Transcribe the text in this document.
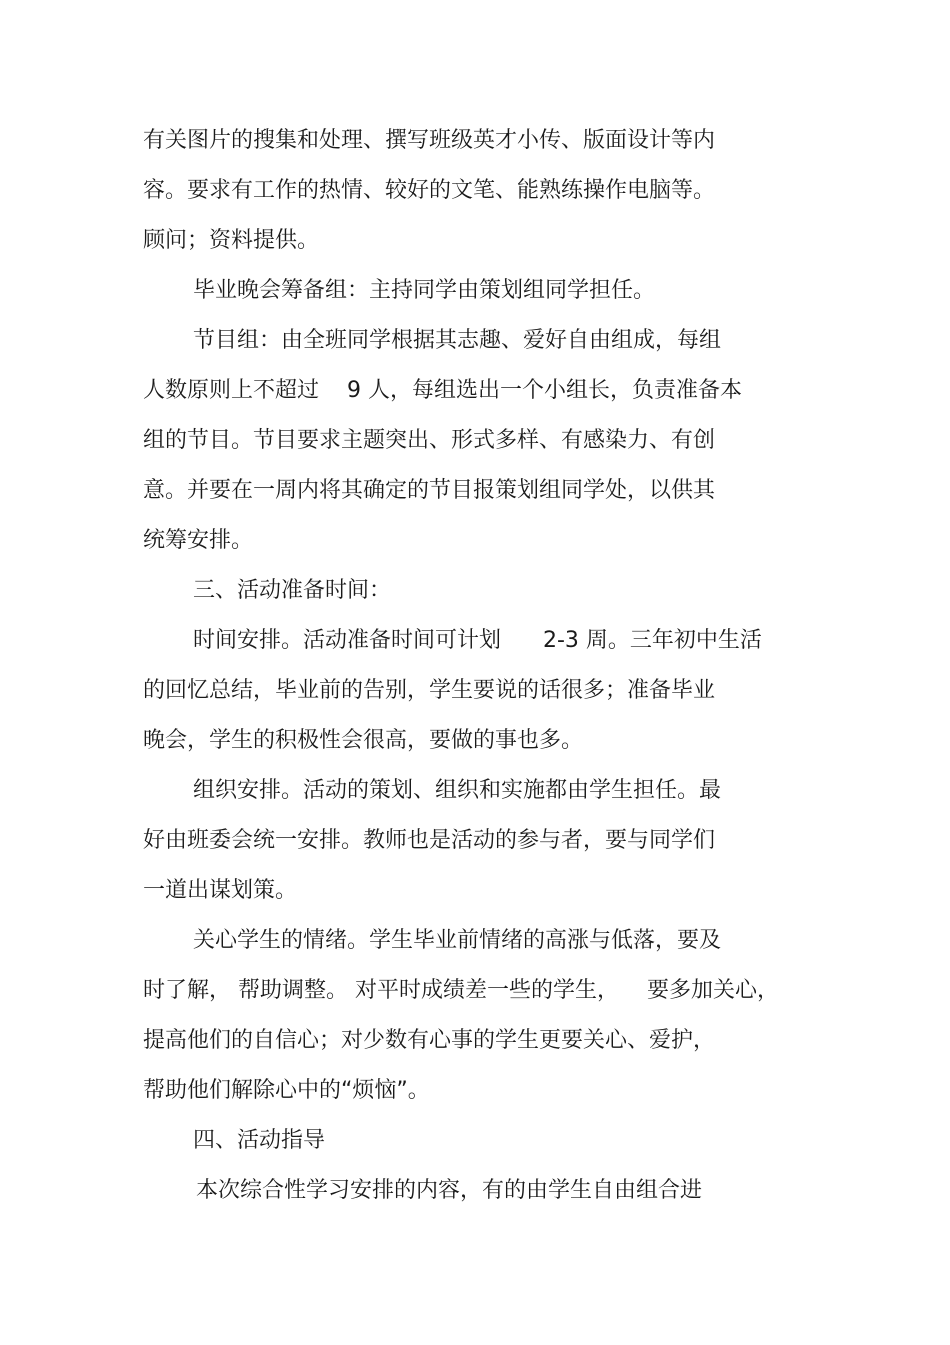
有关图片的搜集和处理、撰写班级英才小传、版面设计等内
容。要求有工作的热情、较好的文笔、能熟练操作电脑等。
顾问；资料提供。
毕业晚会筹备组：主持同学由策划组同学担任。
节目组：由全班同学根据其志趣、爱好自由组成，每组
人数原则上不超过    9 人，每组选出一个小组长，负责准备本
组的节目。节目要求主题突出、形式多样、有感染力、有创
意。并要在一周内将其确定的节目报策划组同学处，以供其
统筹安排。
三、活动准备时间：
时间安排。活动准备时间可计划      2-3 周。三年初中生活
的回忆总结，毕业前的告别，学生要说的话很多；准备毕业
晚会，学生的积极性会很高，要做的事也多。
组织安排。活动的策划、组织和实施都由学生担任。最
好由班委会统一安排。教师也是活动的参与者，要与同学们
一道出谋划策。
关心学生的情绪。学生毕业前情绪的高涨与低落，要及
时了解， 帮助调整。 对平时成绩差一些的学生，    要多加关心，
提高他们的自信心；对少数有心事的学生更要关心、爱护，
帮助他们解除心中的“烦恼”。
四、活动指导
本次综合性学习安排的内容，有的由学生自由组合进
